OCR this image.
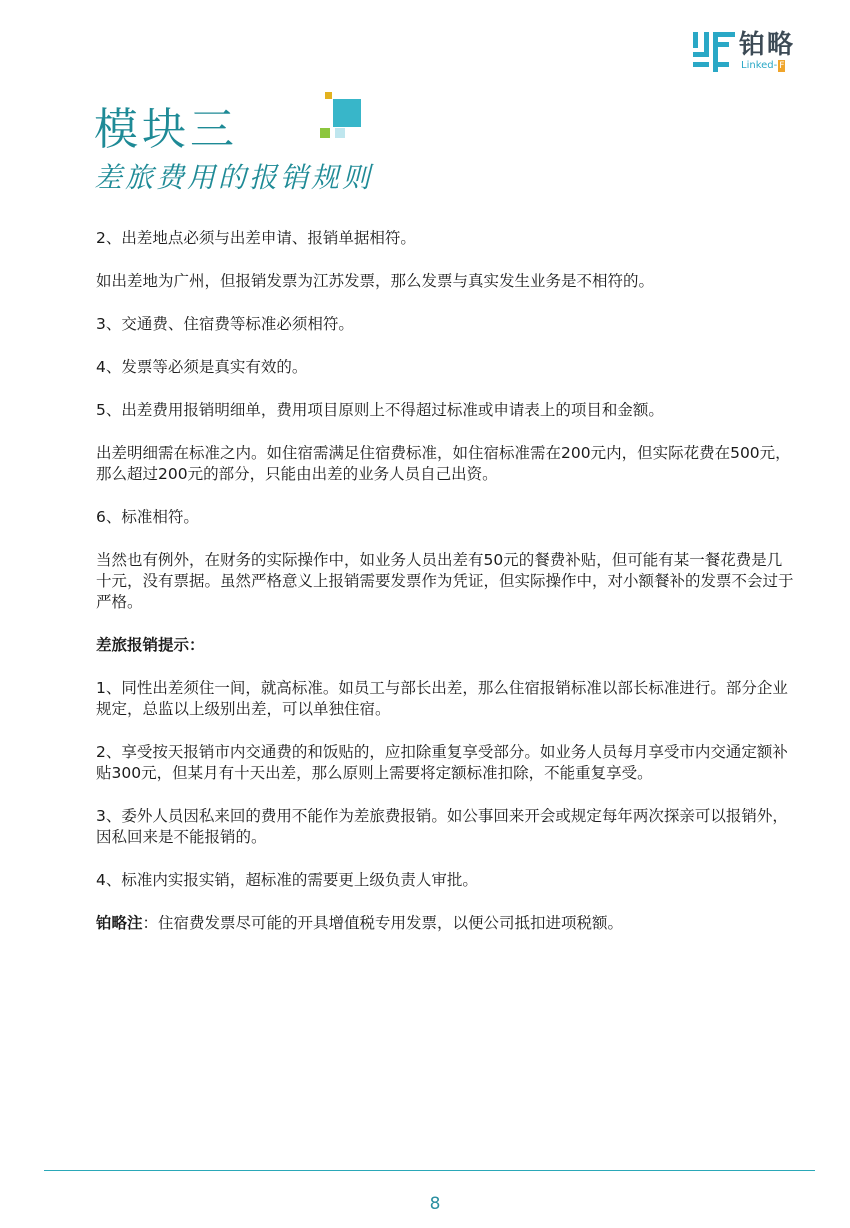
铂略
Linked- F
模块三
差旅费用的报销规则

2、出差地点必须与出差申请、报销单据相符。

如出差地为广州，但报销发票为江苏发票，那么发票与真实发生业务是不相符的。

3、交通费、住宿费等标准必须相符。

4、发票等必须是真实有效的。

5、出差费用报销明细单，费用项目原则上不得超过标准或申请表上的项目和金额。

出差明细需在标准之内。如住宿需满足住宿费标准，如住宿标准需在200元内，但实际花费在500元，那么超过200元的部分，只能由出差的业务人员自己出资。

6、标准相符。

当然也有例外，在财务的实际操作中，如业务人员出差有50元的餐费补贴，但可能有某一餐花费是几十元，没有票据。虽然严格意义上报销需要发票作为凭证，但实际操作中，对小额餐补的发票不会过于严格。

差旅报销提示：

1、同性出差须住一间，就高标准。如员工与部长出差，那么住宿报销标准以部长标准进行。部分企业规定，总监以上级别出差，可以单独住宿。

2、享受按天报销市内交通费的和饭贴的，应扣除重复享受部分。如业务人员每月享受市内交通定额补贴300元，但某月有十天出差，那么原则上需要将定额标准扣除，不能重复享受。

3、委外人员因私来回的费用不能作为差旅费报销。如公事回来开会或规定每年两次探亲可以报销外，因私回来是不能报销的。

4、标准内实报实销，超标准的需要更上级负责人审批。

铂略注：住宿费发票尽可能的开具增值税专用发票，以便公司抵扣进项税额。

8
